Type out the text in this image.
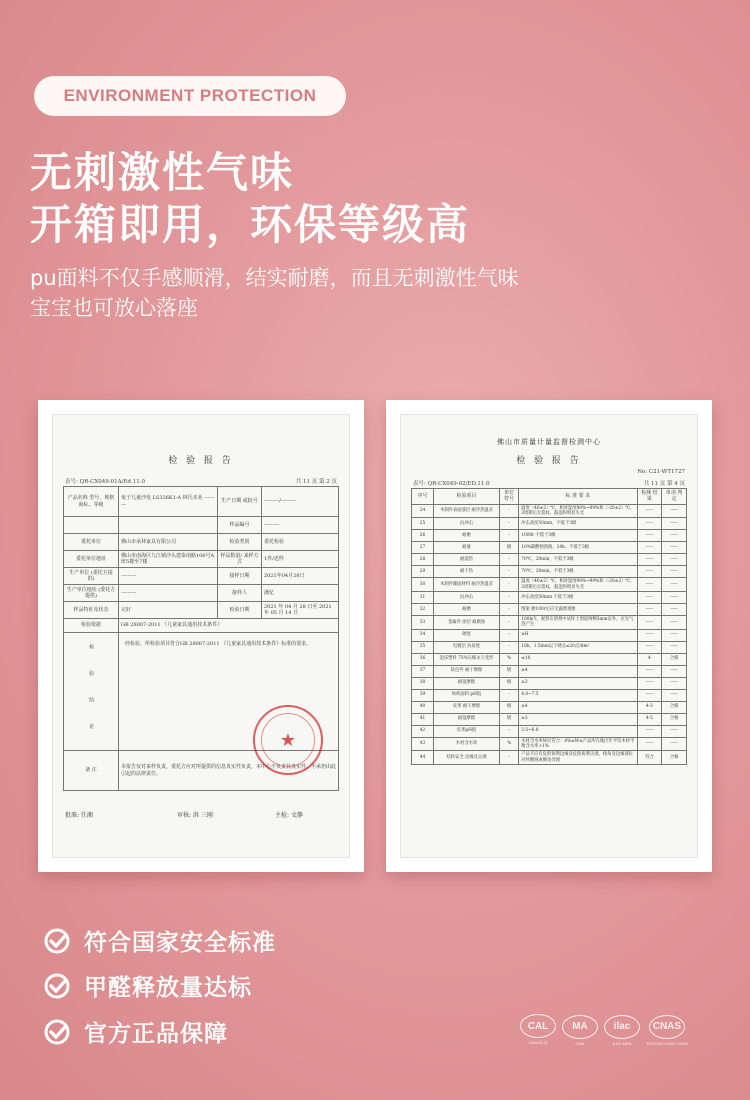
ENVIRONMENT PROTECTION
无刺激性气味
开箱即用，环保等级高
pu面料不仅手感顺滑，结实耐磨，而且无刺激性气味
宝宝也可放心落座
检 验 报 告
表号: QR-CX049-01A/Ed.11.0	共 11 页 第 2 页
产品名称 型号、规格 商标、等级	兔子儿童沙发 LS336K1-A 林氏木业 ---------	生产日期 或批号	---------/---------
		样品编号	---------
委托单位	佛山市承林家具有限公司	检验类别	委托检验
委托单位地址	佛山市南海区九江镇沙头建泰南路106号A座5楼至7楼	样品数量/ 来样方式	1件/送样
生产单位 (委托方提供)	---------	接样日期	2021年04月28日
生产单位地址 (委托方提供)	---------	接样人	潘忆
样品特征及状态	完好	检验日期	2021 年 04 月 28 日至 2021 年 05 月 14 日
检验依据	GB 28007-2011 《儿童家具通用技术条件》		
检 验 结 论	经检验，所检验项目符合GB 28007-2011 《儿童家具通用技术条件》标准的要求。		
备 注	本报告仅对来样负责，委托方应对所提供的信息真实性负责，本中心不负责其真实性，不承担由此引起的法律责任。		
★
批准: 任湘	审核: 洪 三刚	主检: 文静
佛山市质量计量监督检测中心
检 验 报 告
No: C21-WT1727
表号: QR-CX049-02/ED.11.0	共 11 页 第 4 页
序号	检验项目	单位 符号	标 准 要 求	检测 结果	单项 判定
24	木制件表面漆层 耐冷热温差	-	温度（40±2）℃，相对湿度98%~99%和（-20±2）℃，3周期后无裂纹、鼓泡和明显失光	-----	-----
25	抗冲击	-	冲击高度50mm，不低于3级	-----	-----
26	耐磨	-	1000r 不低于3级	-----	-----
27	耐液	级	10%碳酸钠溶液，24h，不低于3级	-----	-----
28	耐湿热	-	70℃，20min，不低于3级	-----	-----
29	耐干热	-	70℃，20min，不低于3级	-----	-----
30	木制件覆面材料 耐冷热温差	-	温度（40±2）℃，相对湿度98%~99%和（-20±2）℃，3周期后无裂纹、鼓泡和明显失光	-----	-----
31	抗冲击	-	冲击高度50mm 不低于3级	-----	-----
32	耐磨	-	图案 磨100r后应无露底现象	-----	-----
33	金属件 涂层 耐腐蚀	-	100h内，观察在溶剂中试样上划道两侧3mm以外，应无气泡产生	-----	-----
34	硬度	-	≥H	-----	-----
35	电镀层 抗盐度	-	18h，1.5mm以下锈点≤20点/dm²	-----	-----
36	泡沫塑料 75%压缩永久变形	%	≤10	4	合格
37	软包件 耐干摩擦	级	≥4	-----	-----
38	耐湿摩擦	级	≥3	-----	-----
39	纺织面料 pH值	-	4.0~7.5	-----	-----
40	皮革 耐干摩擦	级	≥4	4-5	合格
41	耐湿摩擦	级	≥3	4-5	合格
42	皮革pH值	-	3.5~6.0	-----	-----
43	木材含水率	%	木材含水率W应符合：8%≤W≤产品所在地区年平均木材平衡含水率+1%	-----	-----
44	结构安全 边缘及尖端	-	产品不应有危险锐利边缘及危险锐利尖端，棱角及边缘部位应经倒圆或倒角处理	符合	合格
符合国家安全标准
甲醛释放量达标
官方正品保障	CAL
CNAS认证
MA
CMA
ilac
ILAC-MRA
CNAS
TESTING CNAS L0000
